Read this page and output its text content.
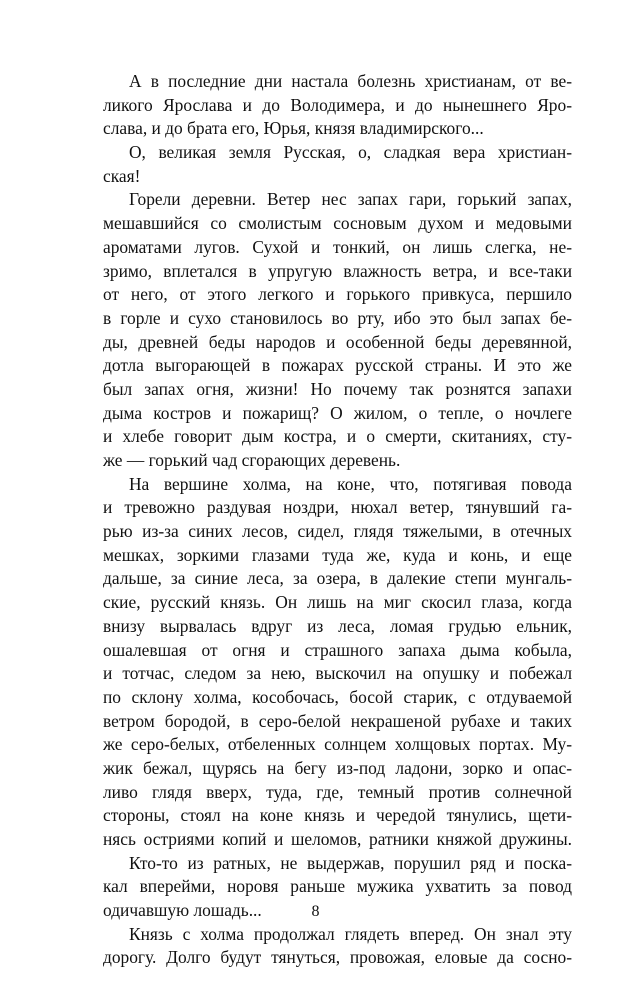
А в последние дни настала болезнь христианам, от ве-
ликого Ярослава и до Володимера, и до нынешнего Яро-
слава, и до брата его, Юрья, князя владимирского...

О, великая земля Русская, о, сладкая вера христиан-
ская!

Горели деревни. Ветер нес запах гари, горький запах,
мешавшийся со смолистым сосновым духом и медовыми
ароматами лугов. Сухой и тонкий, он лишь слегка, не-
зримо, вплетался в упругую влажность ветра, и все-таки
от него, от этого легкого и горького привкуса, першило
в горле и сухо становилось во рту, ибо это был запах бе-
ды, древней беды народов и особенной беды деревянной,
дотла выгорающей в пожарах русской страны. И это же
был запах огня, жизни! Но почему так рознятся запахи
дыма костров и пожарищ? О жилом, о тепле, о ночлеге
и хлебе говорит дым костра, и о смерти, скитаниях, сту-
же — горький чад сгорающих деревень.

На вершине холма, на коне, что, потягивая повода
и тревожно раздувая ноздри, нюхал ветер, тянувший га-
рью из-за синих лесов, сидел, глядя тяжелыми, в отечных
мешках, зоркими глазами туда же, куда и конь, и еще
дальше, за синие леса, за озера, в далекие степи мунгаль-
ские, русский князь. Он лишь на миг скосил глаза, когда
внизу вырвалась вдруг из леса, ломая грудью ельник,
ошалевшая от огня и страшного запаха дыма кобыла,
и тотчас, следом за нею, выскочил на опушку и побежал
по склону холма, кособочась, босой старик, с отдуваемой
ветром бородой, в серо-белой некрашеной рубахе и таких
же серо-белых, отбеленных солнцем холщовых портах. Му-
жик бежал, щурясь на бегу из-под ладони, зорко и опас-
ливо глядя вверх, туда, где, темный против солнечной
стороны, стоял на коне князь и чередой тянулись, щети-
нясь остриями копий и шеломов, ратники княжой дружины.
Кто-то из ратных, не выдержав, порушил ряд и поска-
кал вперейми, норовя раньше мужика ухватить за повод
одичавшую лошадь...

Князь с холма продолжал глядеть вперед. Он знал эту
дорогу. Долго будут тянуться, провожая, еловые да сосно-

8
